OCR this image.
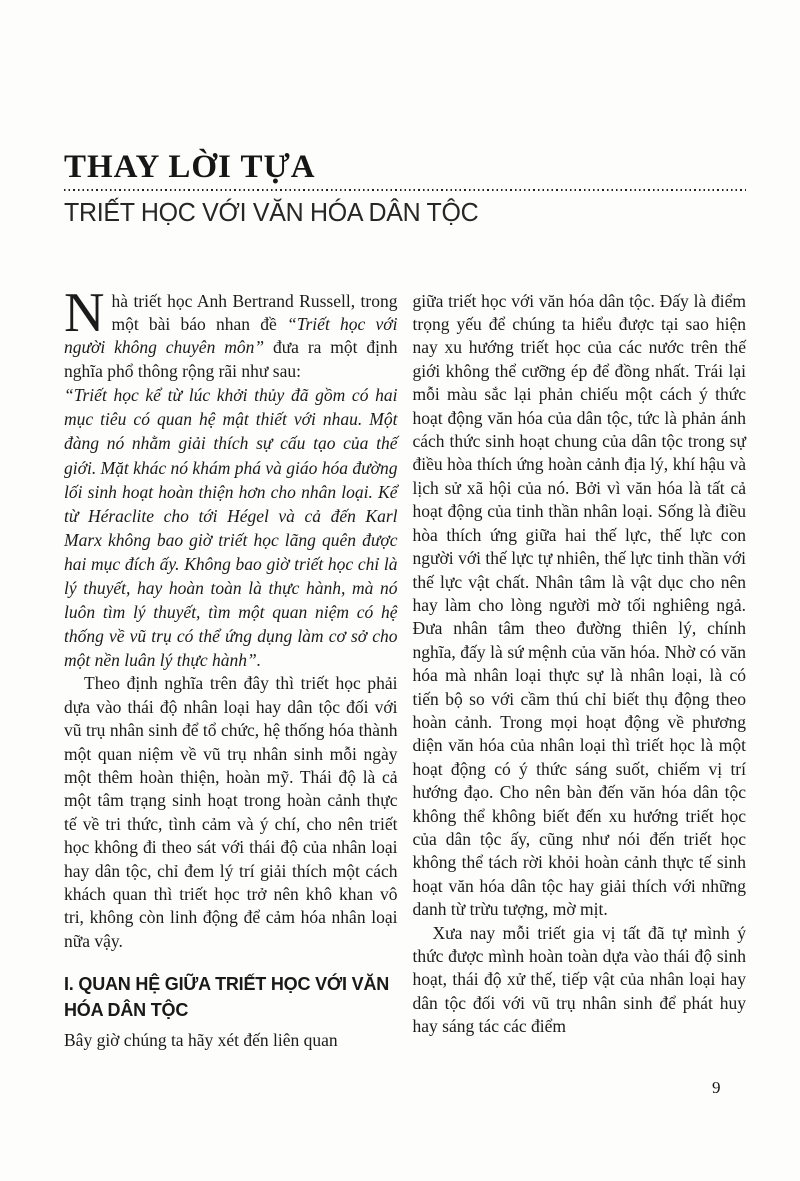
THAY LỜI TỰA
TRIẾT HỌC VỚI VĂN HÓA DÂN TỘC

Nhà triết học Anh Bertrand Russell, trong một bài báo nhan đề “Triết học với người không chuyên môn” đưa ra một định nghĩa phổ thông rộng rãi như sau:

“Triết học kể từ lúc khởi thủy đã gồm có hai mục tiêu có quan hệ mật thiết với nhau. Một đàng nó nhằm giải thích sự cấu tạo của thế giới. Mặt khác nó khám phá và giáo hóa đường lối sinh hoạt hoàn thiện hơn cho nhân loại. Kể từ Héraclite cho tới Hégel và cả đến Karl Marx không bao giờ triết học lãng quên được hai mục đích ấy. Không bao giờ triết học chỉ là lý thuyết, hay hoàn toàn là thực hành, mà nó luôn tìm lý thuyết, tìm một quan niệm có hệ thống về vũ trụ có thể ứng dụng làm cơ sở cho một nền luân lý thực hành”.

Theo định nghĩa trên đây thì triết học phải dựa vào thái độ nhân loại hay dân tộc đối với vũ trụ nhân sinh để tổ chức, hệ thống hóa thành một quan niệm về vũ trụ nhân sinh mỗi ngày một thêm hoàn thiện, hoàn mỹ. Thái độ là cả một tâm trạng sinh hoạt trong hoàn cảnh thực tế về tri thức, tình cảm và ý chí, cho nên triết học không đi theo sát với thái độ của nhân loại hay dân tộc, chỉ đem lý trí giải thích một cách khách quan thì triết học trở nên khô khan vô tri, không còn linh động để cảm hóa nhân loại nữa vậy.

I. QUAN HỆ GIỮA TRIẾT HỌC VỚI VĂN HÓA DÂN TỘC

Bây giờ chúng ta hãy xét đến liên quan

giữa triết học với văn hóa dân tộc. Đấy là điểm trọng yếu để chúng ta hiểu được tại sao hiện nay xu hướng triết học của các nước trên thế giới không thể cưỡng ép để đồng nhất. Trái lại mỗi màu sắc lại phản chiếu một cách ý thức hoạt động văn hóa của dân tộc, tức là phản ánh cách thức sinh hoạt chung của dân tộc trong sự điều hòa thích ứng hoàn cảnh địa lý, khí hậu và lịch sử xã hội của nó. Bởi vì văn hóa là tất cả hoạt động của tinh thần nhân loại. Sống là điều hòa thích ứng giữa hai thế lực, thế lực con người với thế lực tự nhiên, thế lực tinh thần với thế lực vật chất. Nhân tâm là vật dục cho nên hay làm cho lòng người mờ tối nghiêng ngả. Đưa nhân tâm theo đường thiên lý, chính nghĩa, đấy là sứ mệnh của văn hóa. Nhờ có văn hóa mà nhân loại thực sự là nhân loại, là có tiến bộ so với cầm thú chỉ biết thụ động theo hoàn cảnh. Trong mọi hoạt động về phương diện văn hóa của nhân loại thì triết học là một hoạt động có ý thức sáng suốt, chiếm vị trí hướng đạo. Cho nên bàn đến văn hóa dân tộc không thể không biết đến xu hướng triết học của dân tộc ấy, cũng như nói đến triết học không thể tách rời khỏi hoàn cảnh thực tế sinh hoạt văn hóa dân tộc hay giải thích với những danh từ trừu tượng, mờ mịt.

Xưa nay mỗi triết gia vị tất đã tự mình ý thức được mình hoàn toàn dựa vào thái độ sinh hoạt, thái độ xử thế, tiếp vật của nhân loại hay dân tộc đối với vũ trụ nhân sinh để phát huy hay sáng tác các điểm

9
